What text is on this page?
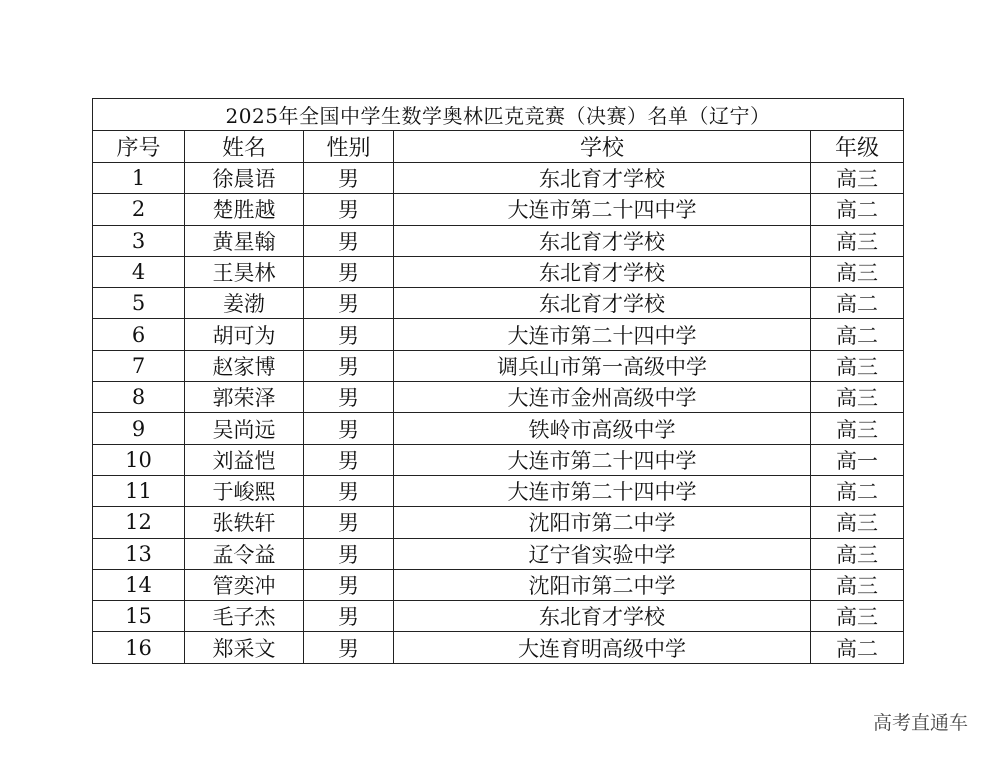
2025年全国中学生数学奥林匹克竞赛（决赛）名单（辽宁）				
序号	姓名	性别	学校	年级
1	徐晨语	男	东北育才学校	高三
2	楚胜越	男	大连市第二十四中学	高二
3	黄星翰	男	东北育才学校	高三
4	王昊林	男	东北育才学校	高三
5	姜渤	男	东北育才学校	高二
6	胡可为	男	大连市第二十四中学	高二
7	赵家博	男	调兵山市第一高级中学	高三
8	郭荣泽	男	大连市金州高级中学	高三
9	吴尚远	男	铁岭市高级中学	高三
10	刘益恺	男	大连市第二十四中学	高一
11	于峻熙	男	大连市第二十四中学	高二
12	张轶轩	男	沈阳市第二中学	高三
13	孟令益	男	辽宁省实验中学	高三
14	管奕冲	男	沈阳市第二中学	高三
15	毛子杰	男	东北育才学校	高三
16	郑采文	男	大连育明高级中学	高二
高考直通车
